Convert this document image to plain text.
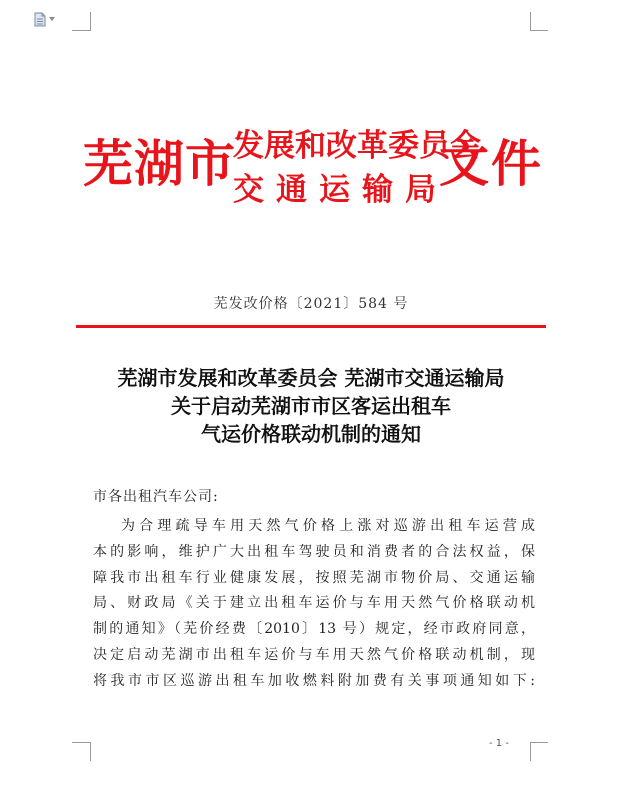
芜湖市
发展和改革委员会
交通运输局
文件
芜发改价格〔2021〕584 号
芜湖市发展和改革委员会 芜湖市交通运输局
关于启动芜湖市市区客运出租车
气运价格联动机制的通知
市各出租汽车公司:
为合理疏导车用天然气价格上涨对巡游出租车运营成
本的影响，维护广大出租车驾驶员和消费者的合法权益，保
障我市出租车行业健康发展，按照芜湖市物价局、交通运输
局、财政局《关于建立出租车运价与车用天然气价格联动机
制的通知》（芜价经费〔2010〕13 号）规定，经市政府同意，
决定启动芜湖市出租车运价与车用天然气价格联动机制，现
将我市市区巡游出租车加收燃料附加费有关事项通知如下:
- 1 -
